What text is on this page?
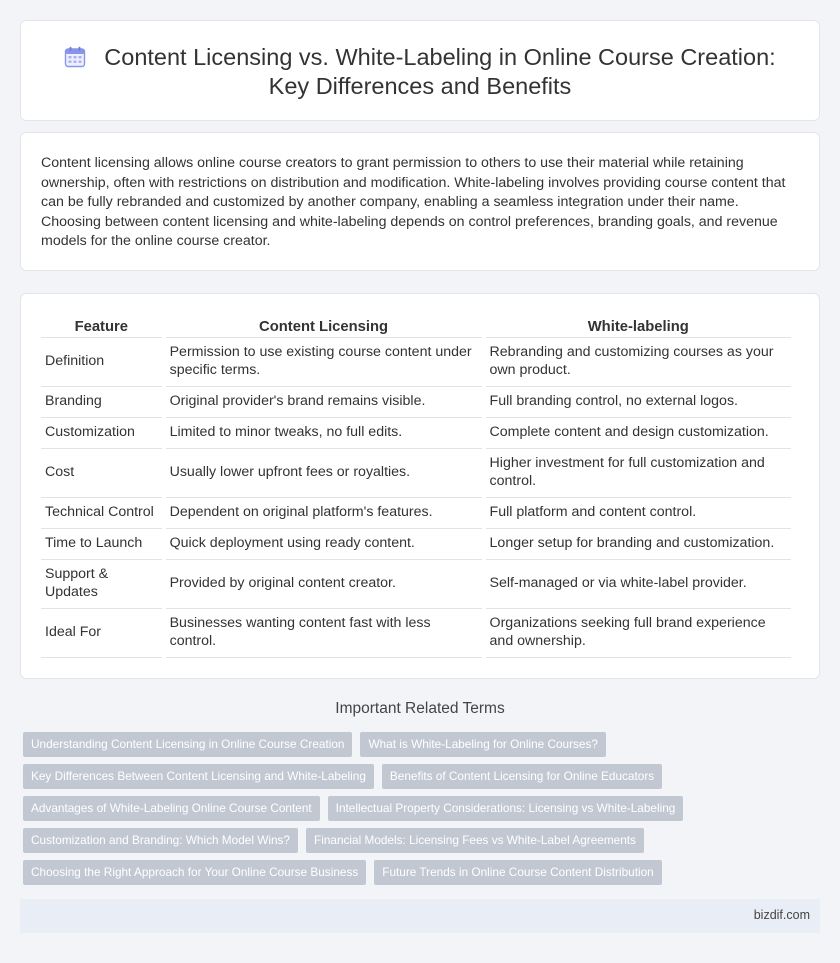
Content Licensing vs. White-Labeling in Online Course Creation:
Key Differences and Benefits

Content licensing allows online course creators to grant permission to others to use their material while retaining ownership, often with restrictions on distribution and modification. White-labeling involves providing course content that can be fully rebranded and customized by another company, enabling a seamless integration under their name. Choosing between content licensing and white-labeling depends on control preferences, branding goals, and revenue models for the online course creator.

Feature	Content Licensing	White-labeling
Definition	Permission to use existing course content under specific terms.	Rebranding and customizing courses as your own product.
Branding	Original provider's brand remains visible.	Full branding control, no external logos.
Customization	Limited to minor tweaks, no full edits.	Complete content and design customization.
Cost	Usually lower upfront fees or royalties.	Higher investment for full customization and control.
Technical Control	Dependent on original platform's features.	Full platform and content control.
Time to Launch	Quick deployment using ready content.	Longer setup for branding and customization.
Support & Updates	Provided by original content creator.	Self-managed or via white-label provider.
Ideal For	Businesses wanting content fast with less control.	Organizations seeking full brand experience and ownership.
Important Related Terms
Understanding Content Licensing in Online Course Creation	What is White-Labeling for Online Courses?
Key Differences Between Content Licensing and White-Labeling	Benefits of Content Licensing for Online Educators
Advantages of White-Labeling Online Course Content	Intellectual Property Considerations: Licensing vs White-Labeling
Customization and Branding: Which Model Wins?	Financial Models: Licensing Fees vs White-Label Agreements
Choosing the Right Approach for Your Online Course Business	Future Trends in Online Course Content Distribution
bizdif.com
